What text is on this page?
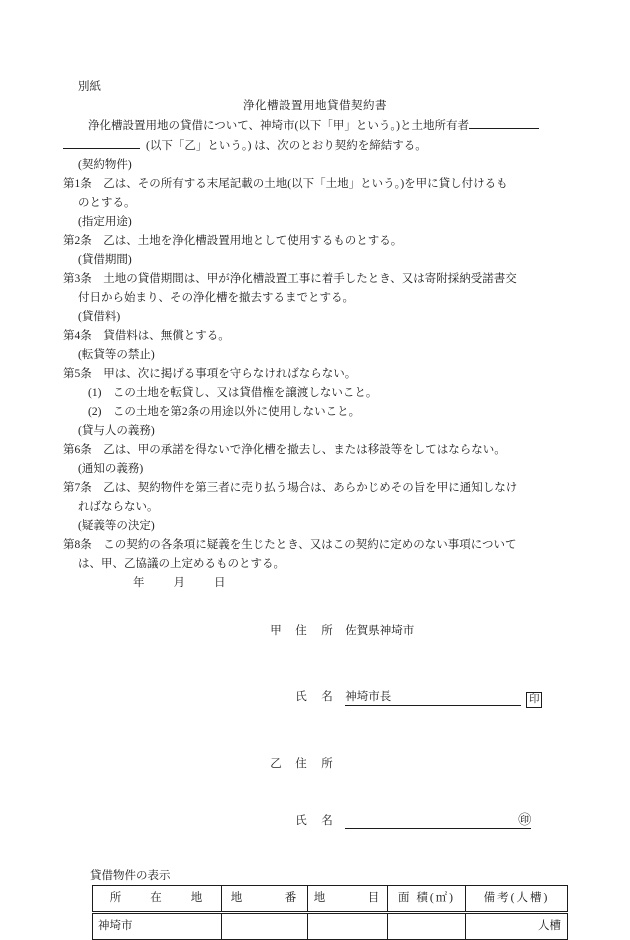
別紙
浄化槽設置用地貸借契約書
浄化槽設置用地の貸借について、神埼市(以下「甲」という。)と土地所有者
(以下「乙」という。) は、次のとおり契約を締結する。
(契約物件)
第1条　乙は、その所有する末尾記載の土地(以下「土地」という。)を甲に貸し付けるも
のとする。
(指定用途)
第2条　乙は、土地を浄化槽設置用地として使用するものとする。
(貸借期間)
第3条　土地の貸借期間は、甲が浄化槽設置工事に着手したとき、又は寄附採納受諾書交
付日から始まり、その浄化槽を撤去するまでとする。
(貸借料)
第4条　貸借料は、無償とする。
(転貸等の禁止)
第5条　甲は、次に掲げる事項を守らなければならない。
(1)　この土地を転貸し、又は貸借権を譲渡しないこと。
(2)　この土地を第2条の用途以外に使用しないこと。
(貸与人の義務)
第6条　乙は、甲の承諾を得ないで浄化槽を撤去し、または移設等をしてはならない。
(通知の義務)
第7条　乙は、契約物件を第三者に売り払う場合は、あらかじめその旨を甲に通知しなけ
ればならない。
(疑義等の決定)
第8条　この契約の各条項に疑義を生じたとき、又はこの契約に定めのない事項について
は、甲、乙協議の上定めるものとする。
年　　月　　日

甲 住　所 佐賀県神埼市

氏　名 神埼市長	印

乙 住　所

氏　名	㊞

貸借物件の表示
所　　在　　地	地　　　番	地　　　目	面 積(㎡)	備考(人槽)
神埼市				人槽
